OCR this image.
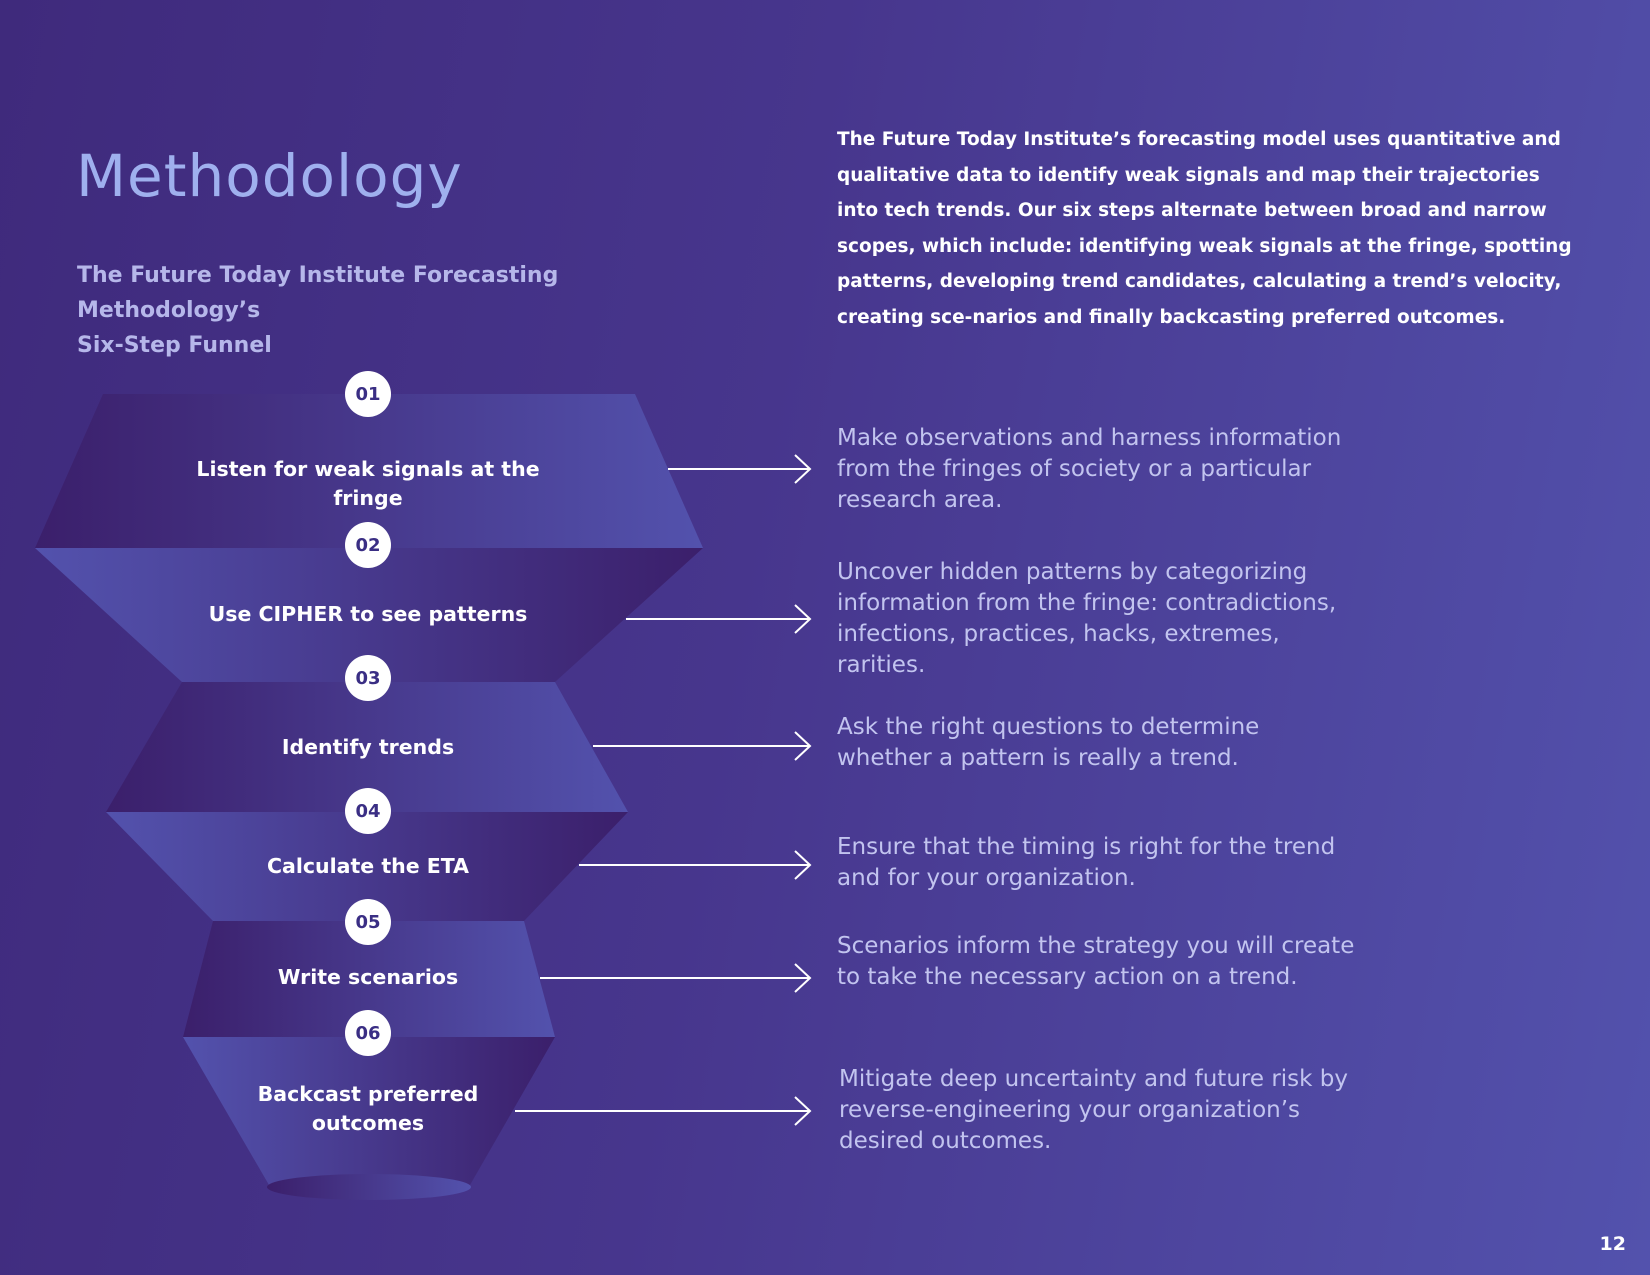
Methodology

The Future Today Institute Forecasting Methodology’s
Six-Step Funnel

The Future Today Institute’s forecasting model uses quantitative and qualitative data to identify weak signals and map their trajectories into tech trends. Our six steps alternate between broad and narrow scopes, which include: identifying weak signals at the fringe, spotting patterns, developing trend candidates, calculating a trend’s velocity, creating sce-narios and finally backcasting preferred outcomes.

Listen for weak signals at the fringe
Use CIPHER to see patterns
Identify trends
Calculate the ETA
Write scenarios
Backcast preferred outcomes
01
02
03
04
05
06

Make observations and harness information from the fringes of society or a particular research area.

Uncover hidden patterns by categorizing information from the fringe: contradictions, infections, practices, hacks, extremes, rarities.

Ask the right questions to determine whether a pattern is really a trend.

Ensure that the timing is right for the trend and for your organization.

Scenarios inform the strategy you will create to take the necessary action on a trend.

Mitigate deep uncertainty and future risk by reverse-engineering your organization’s desired outcomes.

12
